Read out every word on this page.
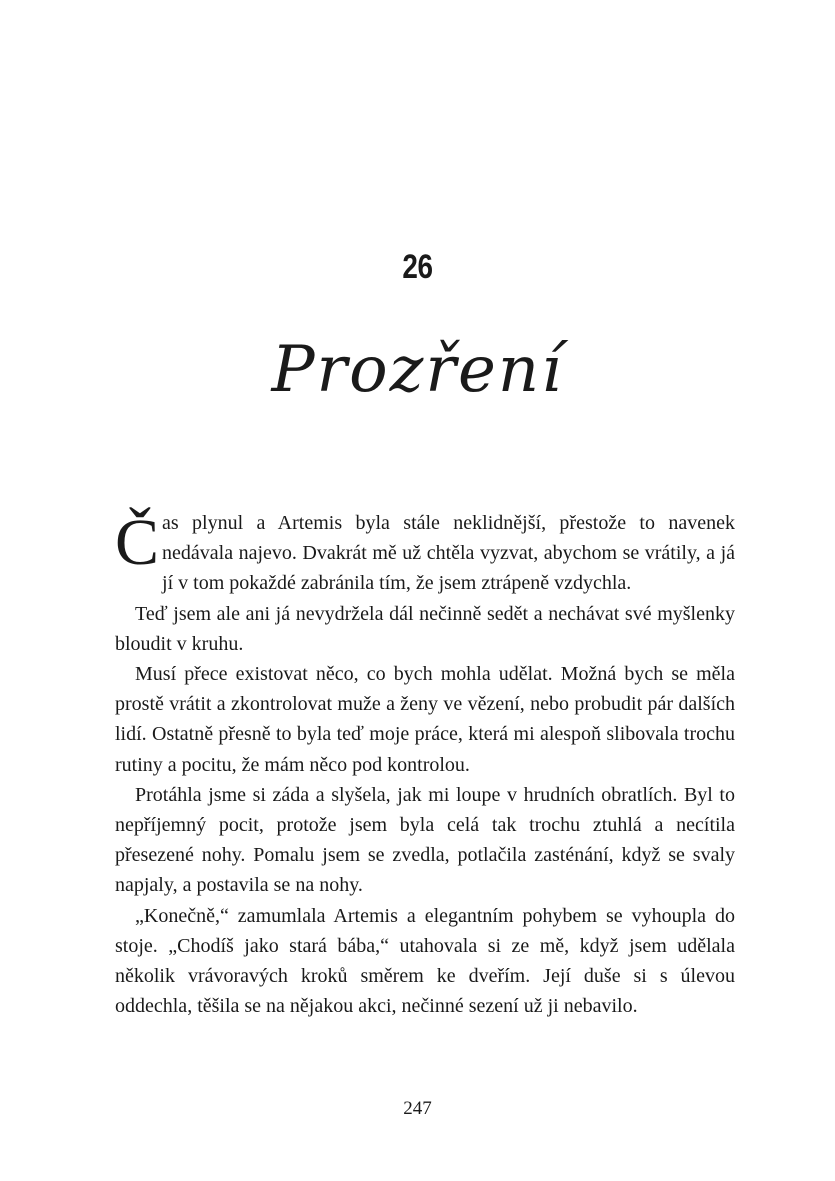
26
Prozření

Čas plynul a Artemis byla stále neklidnější, přestože to navenek nedávala najevo. Dvakrát mě už chtěla vyzvat, abychom se vrátily, a já jí v tom pokaždé zabránila tím, že jsem ztrápeně vzdychla.

Teď jsem ale ani já nevydržela dál nečinně sedět a nechávat své myšlenky bloudit v kruhu.

Musí přece existovat něco, co bych mohla udělat. Možná bych se měla prostě vrátit a zkontrolovat muže a ženy ve vězení, nebo probudit pár dalších lidí. Ostatně přesně to byla teď moje práce, která mi alespoň slibovala trochu rutiny a pocitu, že mám něco pod kontrolou.

Protáhla jsme si záda a slyšela, jak mi loupe v hrudních obratlích. Byl to nepříjemný pocit, protože jsem byla celá tak trochu ztuhlá a necítila přesezené nohy. Pomalu jsem se zvedla, potlačila zasténání, když se svaly napjaly, a postavila se na nohy.

„Konečně,“ zamumlala Artemis a elegantním pohybem se vyhoupla do stoje. „Chodíš jako stará bába,“ utahovala si ze mě, když jsem udělala několik vrávoravých kroků směrem ke dveřím. Její duše si s úlevou oddechla, těšila se na nějakou akci, nečinné sezení už ji nebavilo.

247
